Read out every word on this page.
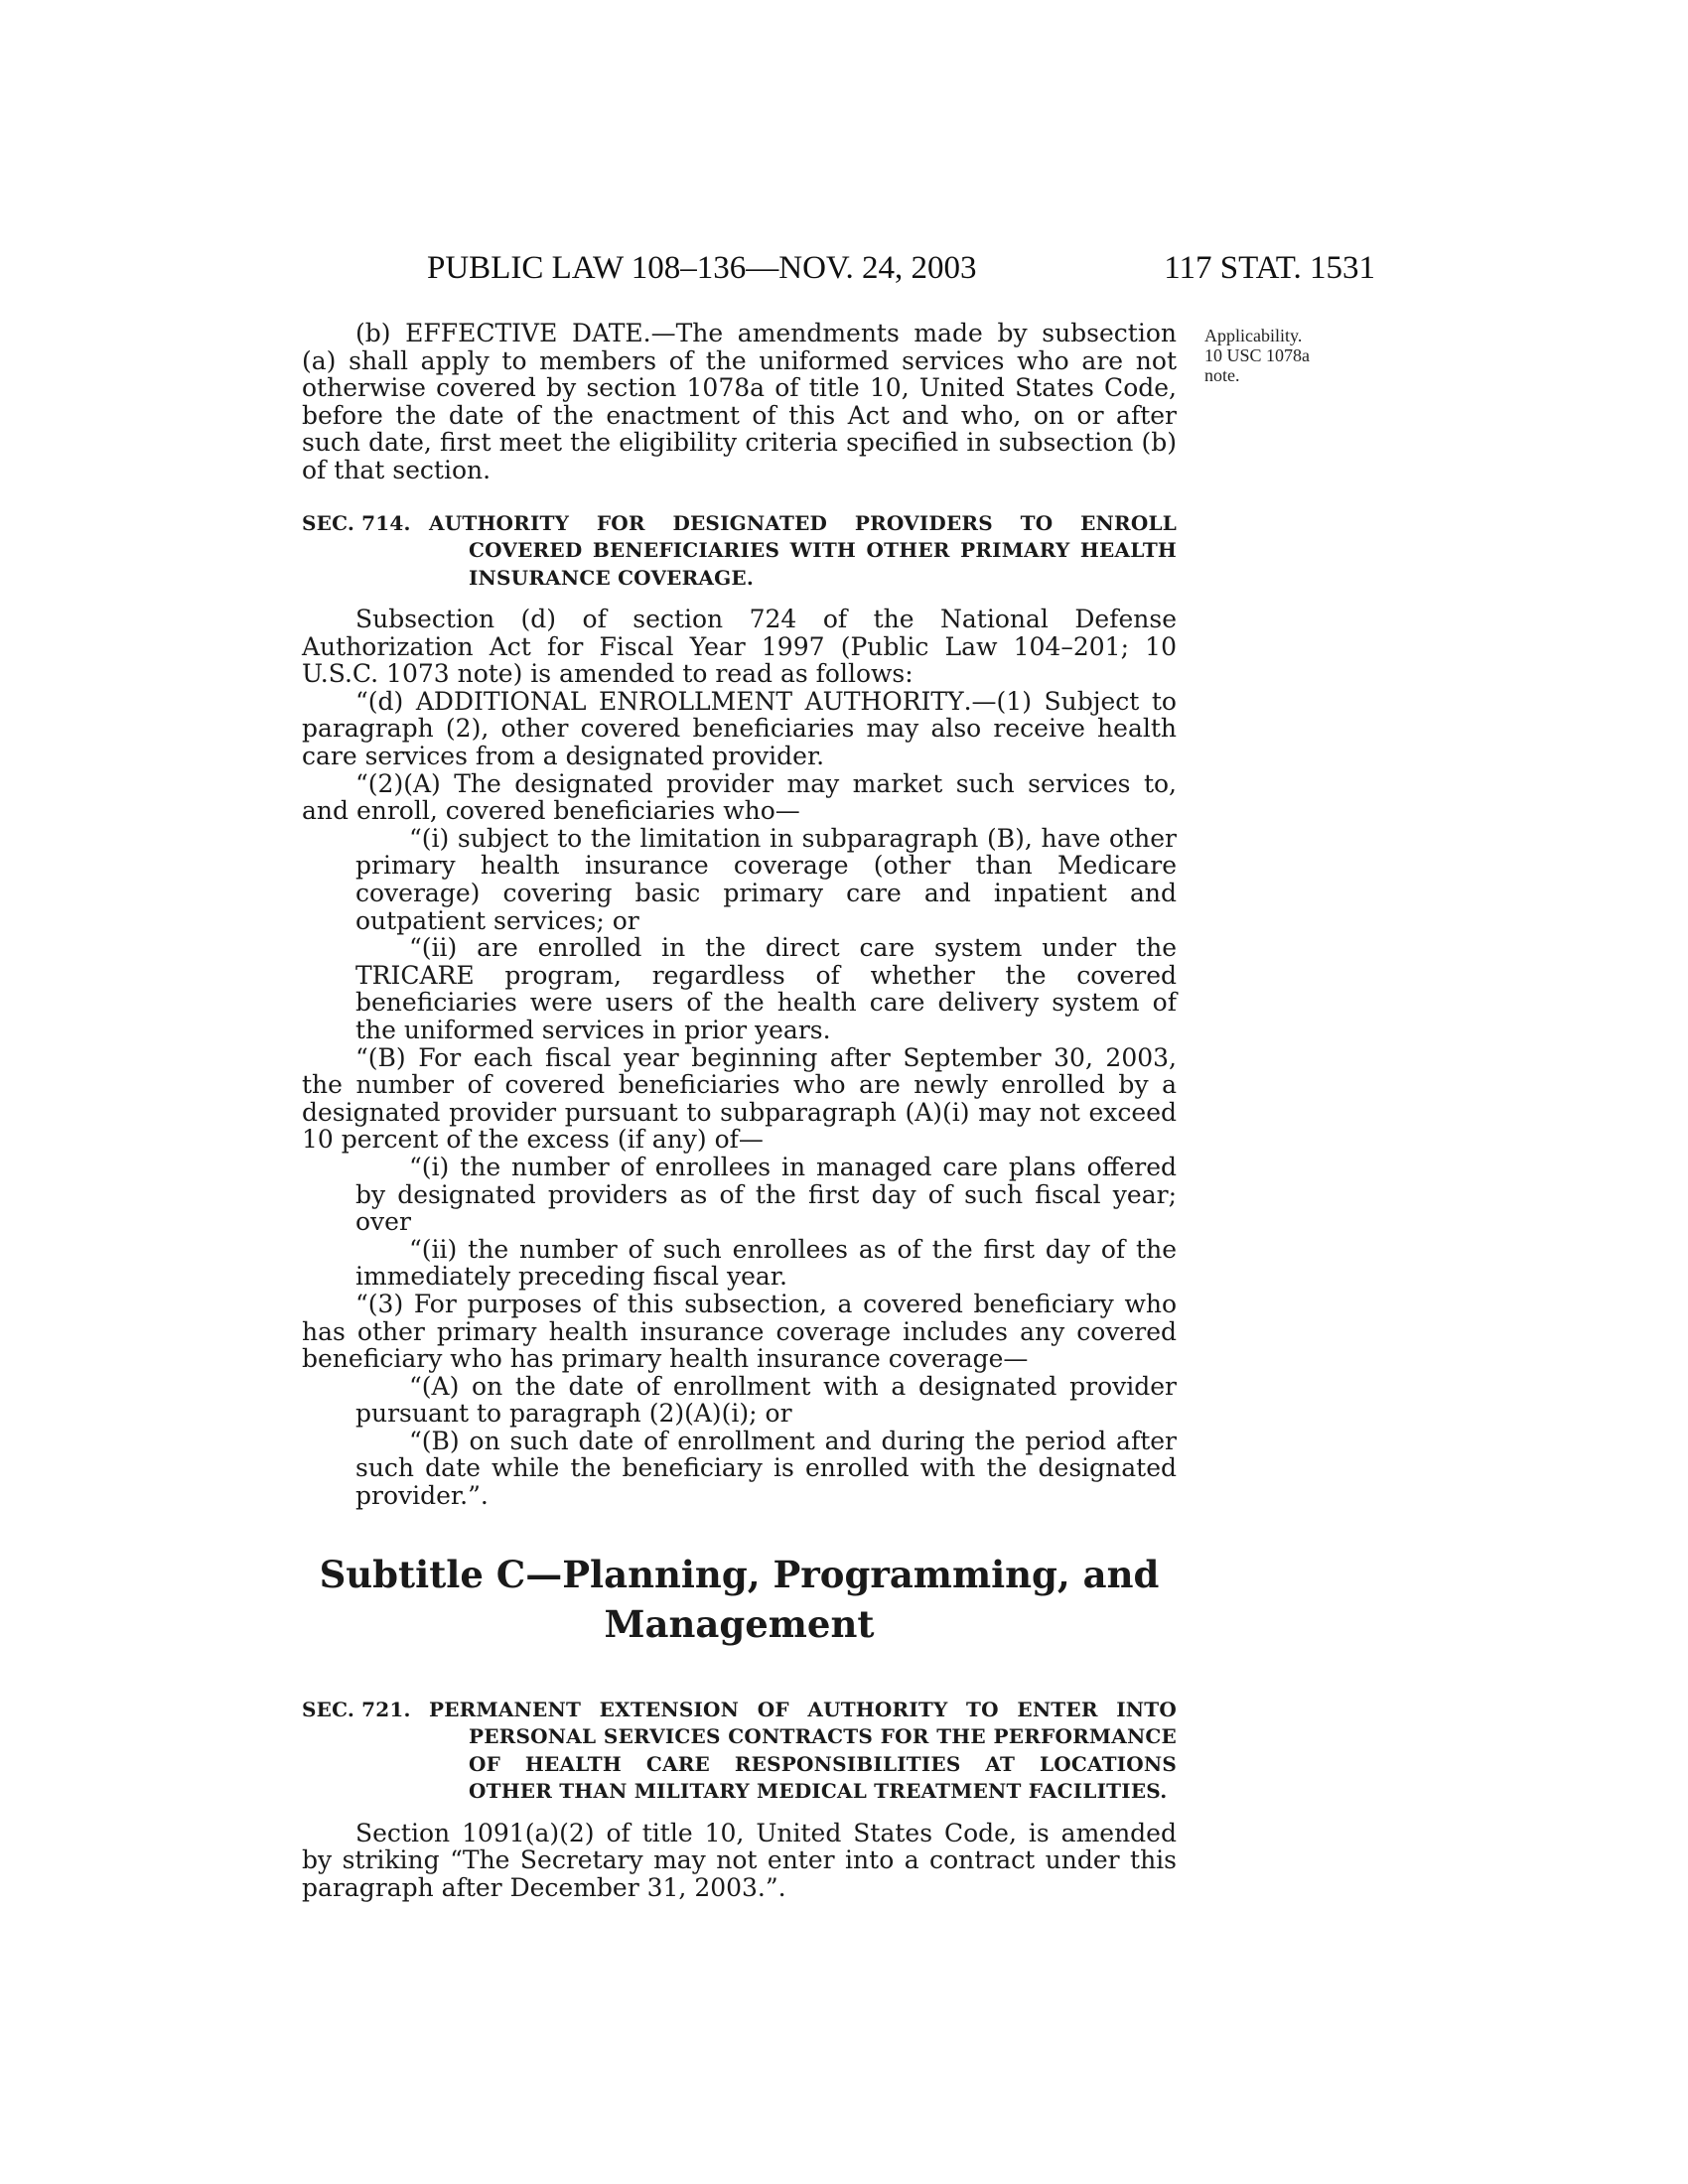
PUBLIC LAW 108–136—NOV. 24, 2003	117 STAT. 1531
Applicability.
10 USC 1078a
note.

(b) EFFECTIVE DATE.—The amendments made by subsection (a) shall apply to members of the uniformed services who are not otherwise covered by section 1078a of title 10, United States Code, before the date of the enactment of this Act and who, on or after such date, first meet the eligibility criteria specified in subsection (b) of that section.

SEC. 714. AUTHORITY FOR DESIGNATED PROVIDERS TO ENROLL COVERED BENEFICIARIES WITH OTHER PRIMARY HEALTH INSURANCE COVERAGE.

Subsection (d) of section 724 of the National Defense Authorization Act for Fiscal Year 1997 (Public Law 104–201; 10 U.S.C. 1073 note) is amended to read as follows:

“(d) ADDITIONAL ENROLLMENT AUTHORITY.—(1) Subject to paragraph (2), other covered beneficiaries may also receive health care services from a designated provider.

“(2)(A) The designated provider may market such services to, and enroll, covered beneficiaries who—

“(i) subject to the limitation in subparagraph (B), have other primary health insurance coverage (other than Medicare coverage) covering basic primary care and inpatient and outpatient services; or

“(ii) are enrolled in the direct care system under the TRICARE program, regardless of whether the covered beneficiaries were users of the health care delivery system of the uniformed services in prior years.

“(B) For each fiscal year beginning after September 30, 2003, the number of covered beneficiaries who are newly enrolled by a designated provider pursuant to subparagraph (A)(i) may not exceed 10 percent of the excess (if any) of—

“(i) the number of enrollees in managed care plans offered by designated providers as of the first day of such fiscal year; over

“(ii) the number of such enrollees as of the first day of the immediately preceding fiscal year.

“(3) For purposes of this subsection, a covered beneficiary who has other primary health insurance coverage includes any covered beneficiary who has primary health insurance coverage—

“(A) on the date of enrollment with a designated provider pursuant to paragraph (2)(A)(i); or

“(B) on such date of enrollment and during the period after such date while the beneficiary is enrolled with the designated provider.”.

Subtitle C—Planning, Programming, and
Management
SEC. 721. PERMANENT EXTENSION OF AUTHORITY TO ENTER INTO PERSONAL SERVICES CONTRACTS FOR THE PERFORMANCE OF HEALTH CARE RESPONSIBILITIES AT LOCATIONS OTHER THAN MILITARY MEDICAL TREATMENT FACILITIES.

Section 1091(a)(2) of title 10, United States Code, is amended by striking “The Secretary may not enter into a contract under this paragraph after December 31, 2003.”.
